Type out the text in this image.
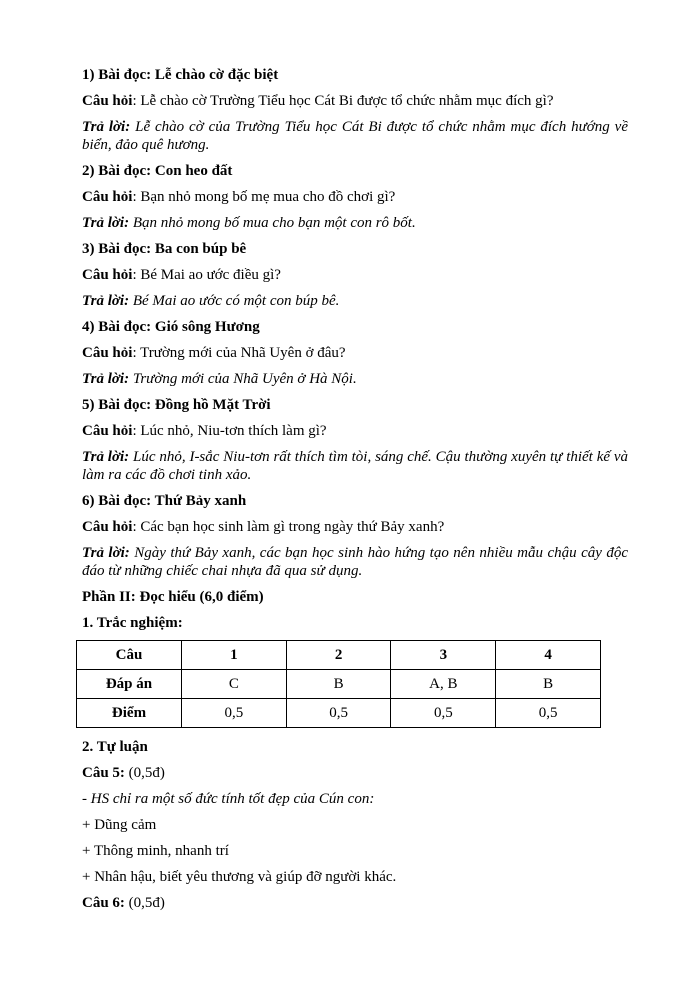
1) Bài đọc: Lễ chào cờ đặc biệt
Câu hỏi: Lễ chào cờ Trường Tiểu học Cát Bi được tổ chức nhằm mục đích gì?
Trả lời: Lễ chào cờ của Trường Tiểu học Cát Bi được tổ chức nhằm mục đích hướng về biển, đảo quê hương.
2) Bài đọc: Con heo đất
Câu hỏi: Bạn nhỏ mong bố mẹ mua cho đồ chơi gì?
Trả lời: Bạn nhỏ mong bố mua cho bạn một con rô bốt.
3) Bài đọc: Ba con búp bê
Câu hỏi: Bé Mai ao ước điều gì?
Trả lời: Bé Mai ao ước có một con búp bê.
4) Bài đọc: Gió sông Hương
Câu hỏi: Trường mới của Nhã Uyên ở đâu?
Trả lời: Trường mới của Nhã Uyên ở Hà Nội.
5) Bài đọc: Đồng hồ Mặt Trời
Câu hỏi: Lúc nhỏ, Niu-tơn thích làm gì?
Trả lời: Lúc nhỏ, I-sắc Niu-tơn rất thích tìm tòi, sáng chế. Cậu thường xuyên tự thiết kế và làm ra các đồ chơi tinh xảo.
6) Bài đọc: Thứ Bảy xanh
Câu hỏi: Các bạn học sinh làm gì trong ngày thứ Bảy xanh?
Trả lời: Ngày thứ Bảy xanh, các bạn học sinh hào hứng tạo nên nhiều mẫu chậu cây độc đáo từ những chiếc chai nhựa đã qua sử dụng.
Phần II: Đọc hiểu (6,0 điểm)
1. Trắc nghiệm:
Câu	1	2	3	4
Đáp án	C	B	A, B	B
Điểm	0,5	0,5	0,5	0,5
2. Tự luận
Câu 5: (0,5đ)
- HS chỉ ra một số đức tính tốt đẹp của Cún con:
+ Dũng cảm
+ Thông minh, nhanh trí
+ Nhân hậu, biết yêu thương và giúp đỡ người khác.
Câu 6: (0,5đ)
